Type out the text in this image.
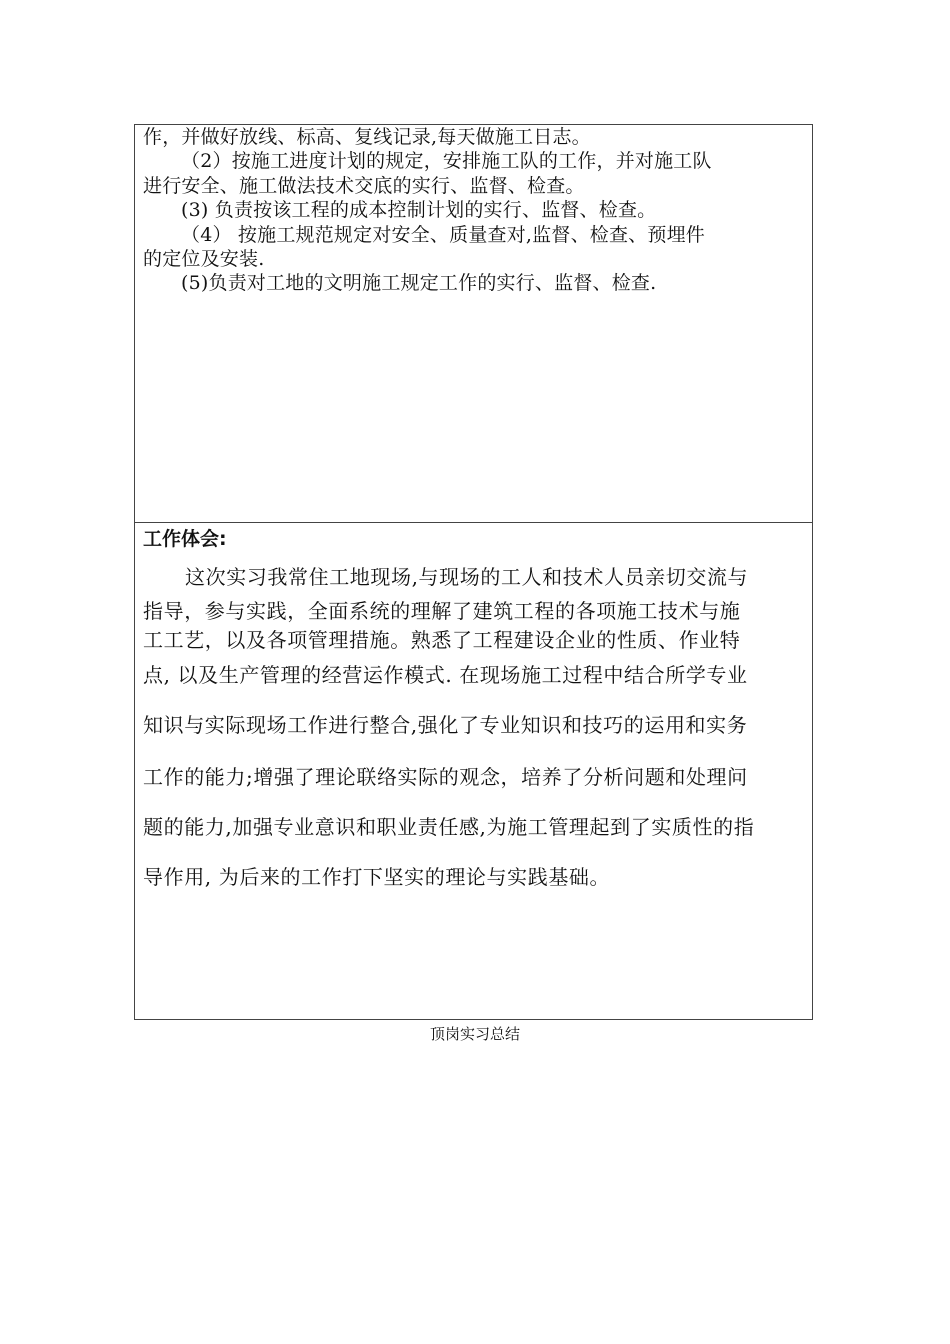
作，并做好放线、标高、复线记录,每天做施工日志。

（2）按施工进度计划的规定，安排施工队的工作，并对施工队

进行安全、施工做法技术交底的实行、监督、检查。

(3) 负责按该工程的成本控制计划的实行、监督、检查。

（4） 按施工规范规定对安全、质量查对,监督、检查、预埋件

的定位及安装.

(5)负责对工地的文明施工规定工作的实行、监督、检查.

工作体会:

这次实习我常住工地现场,与现场的工人和技术人员亲切交流与

指导，参与实践，全面系统的理解了建筑工程的各项施工技术与施

工工艺，以及各项管理措施。熟悉了工程建设企业的性质、作业特

点, 以及生产管理的经营运作模式. 在现场施工过程中结合所学专业

知识与实际现场工作进行整合,强化了专业知识和技巧的运用和实务

工作的能力;增强了理论联络实际的观念，培养了分析问题和处理问

题的能力,加强专业意识和职业责任感,为施工管理起到了实质性的指

导作用, 为后来的工作打下坚实的理论与实践基础。

顶岗实习总结
